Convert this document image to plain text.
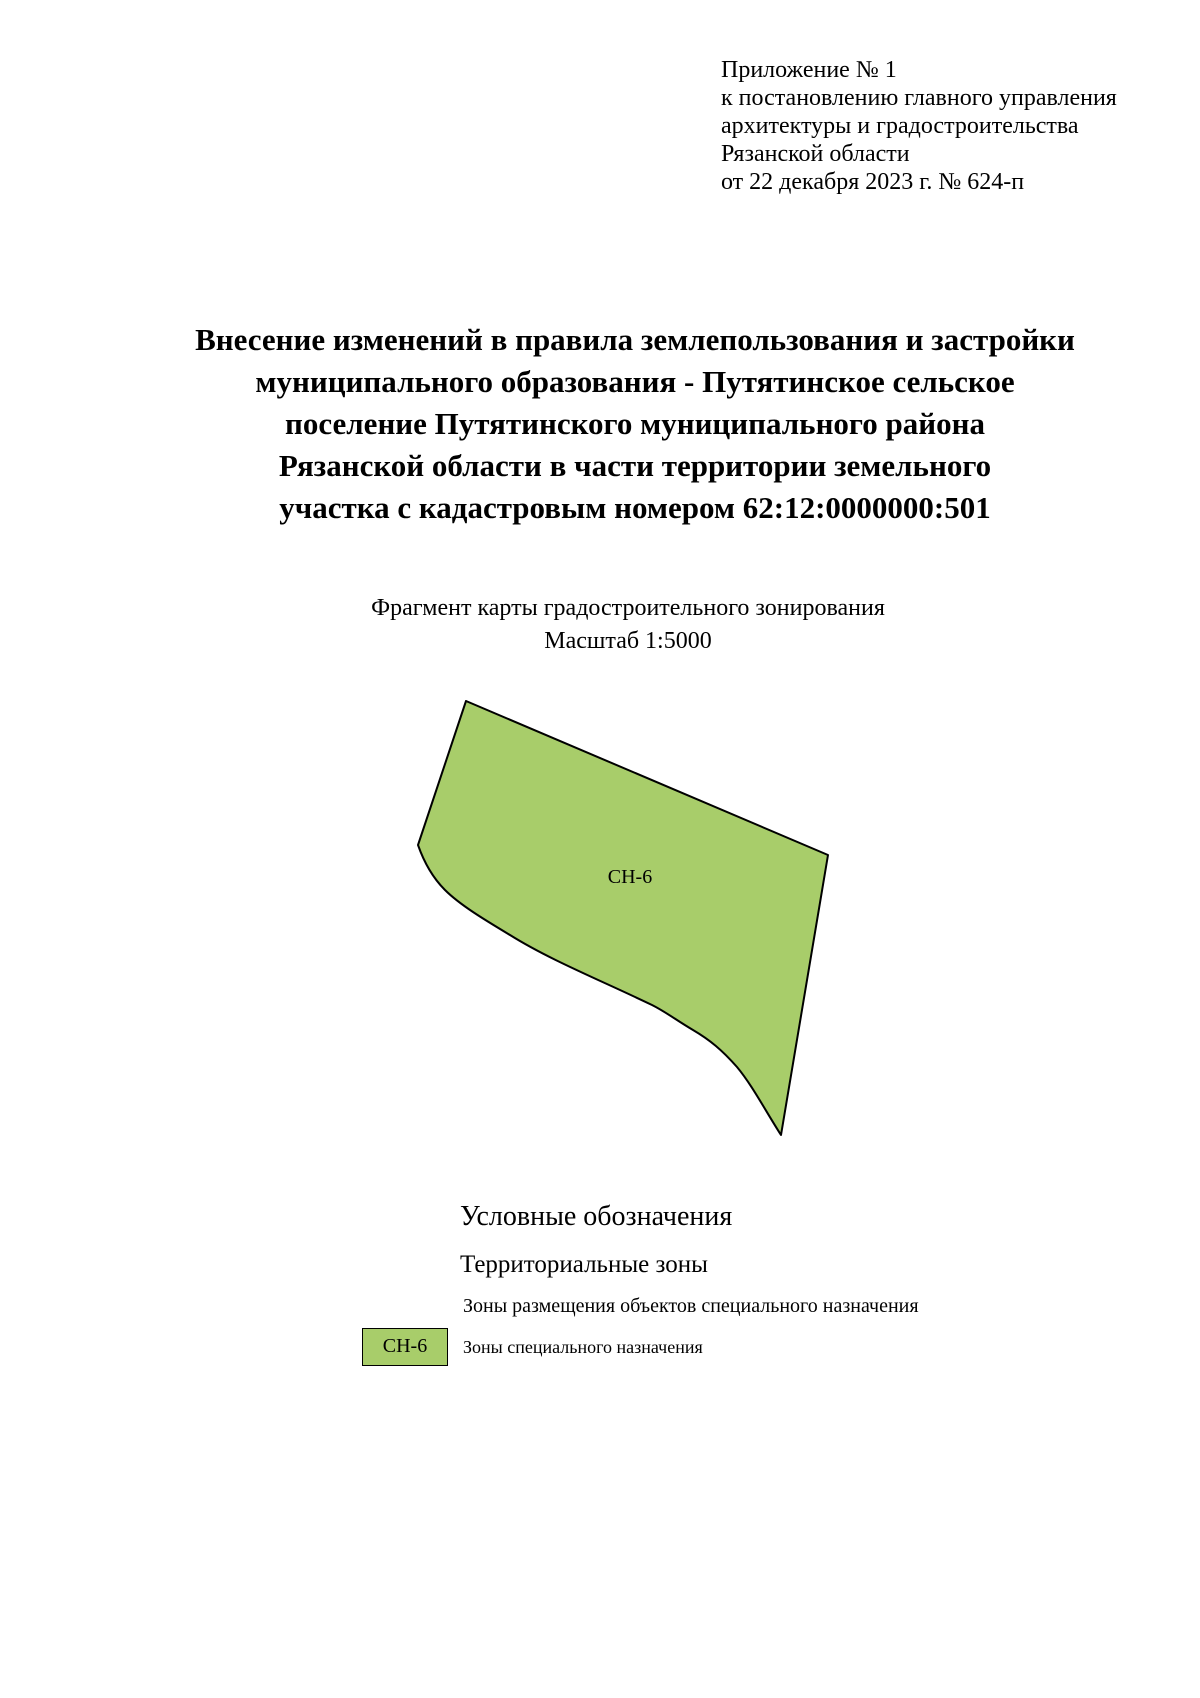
Приложение № 1
к постановлению главного управления
архитектуры и градостроительства
Рязанской области
от 22 декабря 2023 г. № 624-п
Внесение изменений в правила землепользования и застройки
муниципального образования - Путятинское сельское
поселение Путятинского муниципального района
Рязанской области в части территории земельного
участка с кадастровым номером 62:12:0000000:501
Фрагмент карты градостроительного зонирования
Масштаб 1:5000
СН-6
Условные обозначения
Территориальные зоны
Зоны размещения объектов специального назначения
СН-6	Зоны специального назначения
